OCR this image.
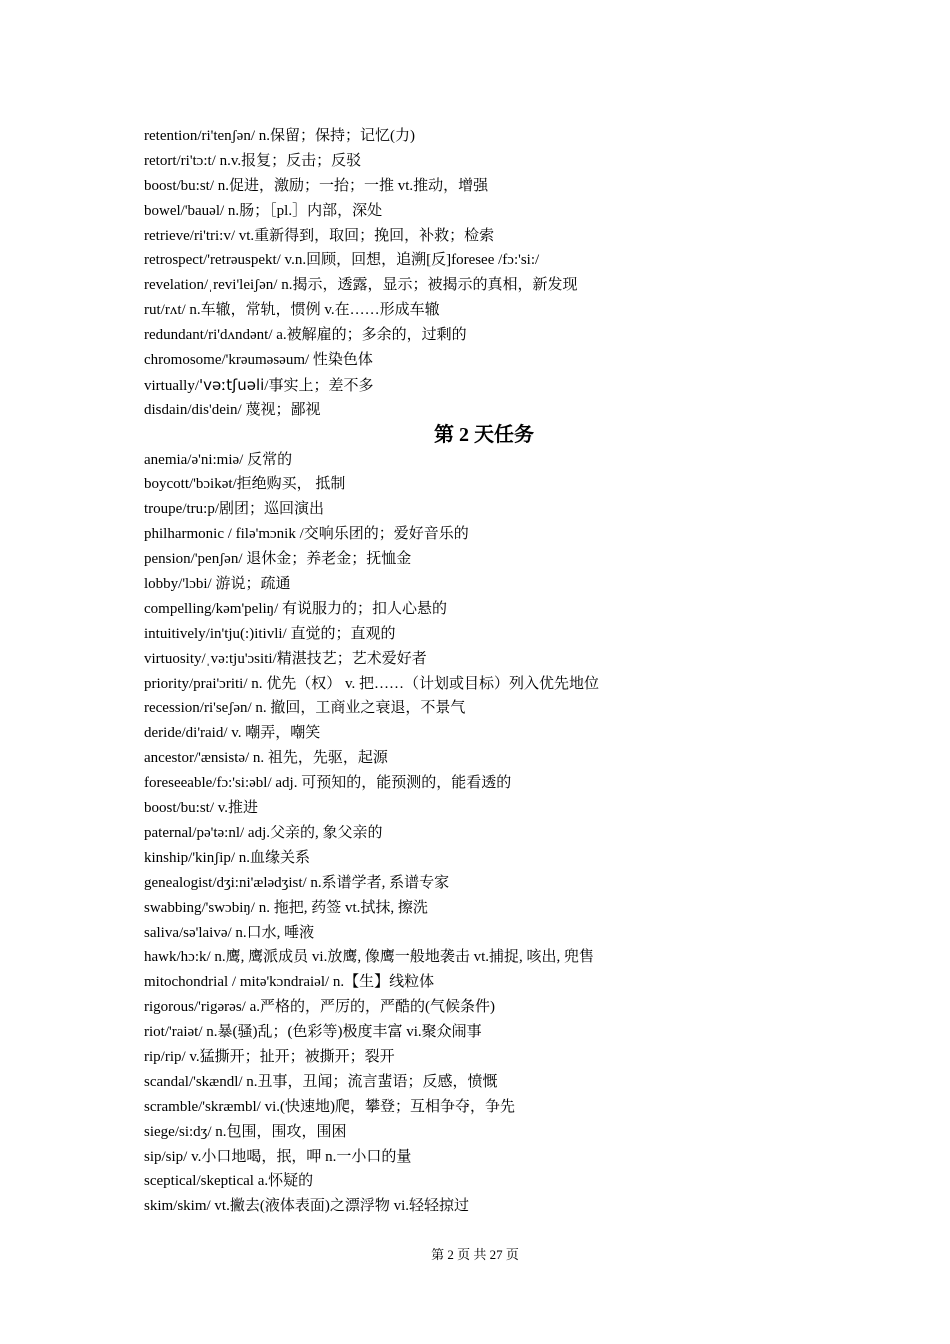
retention/ri'tenʃən/ n.保留；保持；记忆(力)
retort/ri'tɔ:t/ n.v.报复；反击；反驳
boost/bu:st/ n.促进，激励；一抬；一推 vt.推动，增强
bowel/'bauəl/ n.肠；［pl.］内部，深处
retrieve/ri'tri:v/ vt.重新得到，取回；挽回，补救；检索
retrospect/'retrəuspekt/ v.n.回顾，回想，追溯[反]foresee /fɔ:'si:/
revelation/ˌrevi'leiʃən/ n.揭示，透露，显示；被揭示的真相，新发现
rut/rʌt/ n.车辙，常轨，惯例 v.在……形成车辙
redundant/ri'dʌndənt/ a.被解雇的；多余的，过剩的
chromosome/'krəuməsəum/ 性染色体
virtually/'vəːtʃuəli/事实上；差不多
disdain/dis'dein/ 蔑视；鄙视
第 2 天任务
anemia/ə'ni:miə/ 反常的
boycott/'bɔikət/拒绝购买， 抵制
troupe/tru:p/剧团；巡回演出
philharmonic / filə'mɔnik /交响乐团的；爱好音乐的
pension/'penʃən/ 退休金；养老金；抚恤金
lobby/'lɔbi/ 游说；疏通
compelling/kəm'peliŋ/ 有说服力的；扣人心悬的
intuitively/in'tju(:)itivli/ 直觉的；直观的
virtuosity/ˌvə:tju'ɔsiti/精湛技艺；艺术爱好者
priority/prai'ɔriti/ n. 优先（权） v. 把……（计划或目标）列入优先地位
recession/ri'seʃən/ n. 撤回，工商业之衰退，不景气
deride/di'raid/ v. 嘲弄，嘲笑
ancestor/'ænsistə/ n. 祖先，先驱，起源
foreseeable/fɔ:'si:əbl/ adj. 可预知的，能预测的，能看透的
boost/bu:st/ v.推进
paternal/pə'tə:nl/ adj.父亲的, 象父亲的
kinship/'kinʃip/ n.血缘关系
genealogist/dʒi:ni'ælədʒist/ n.系谱学者, 系谱专家
swabbing/'swɔbiŋ/ n. 拖把, 药签 vt.拭抹, 擦洗
saliva/sə'laivə/ n.口水, 唾液
hawk/hɔ:k/ n.鹰, 鹰派成员 vi.放鹰, 像鹰一般地袭击 vt.捕捉, 咳出, 兜售
mitochondrial / mitə'kɔndraiəl/ n.【生】线粒体
rigorous/'rigərəs/ a.严格的，严厉的，严酷的(气候条件)
riot/'raiət/ n.暴(骚)乱；(色彩等)极度丰富 vi.聚众闹事
rip/rip/ v.猛撕开；扯开；被撕开；裂开
scandal/'skændl/ n.丑事，丑闻；流言蜚语；反感，愤慨
scramble/'skræmbl/ vi.(快速地)爬，攀登；互相争夺，争先
siege/si:dʒ/ n.包围，围攻，围困
sip/sip/ v.小口地喝，抿，呷 n.一小口的量
sceptical/skeptical a.怀疑的
skim/skim/ vt.撇去(液体表面)之漂浮物 vi.轻轻掠过
第 2 页 共 27 页
